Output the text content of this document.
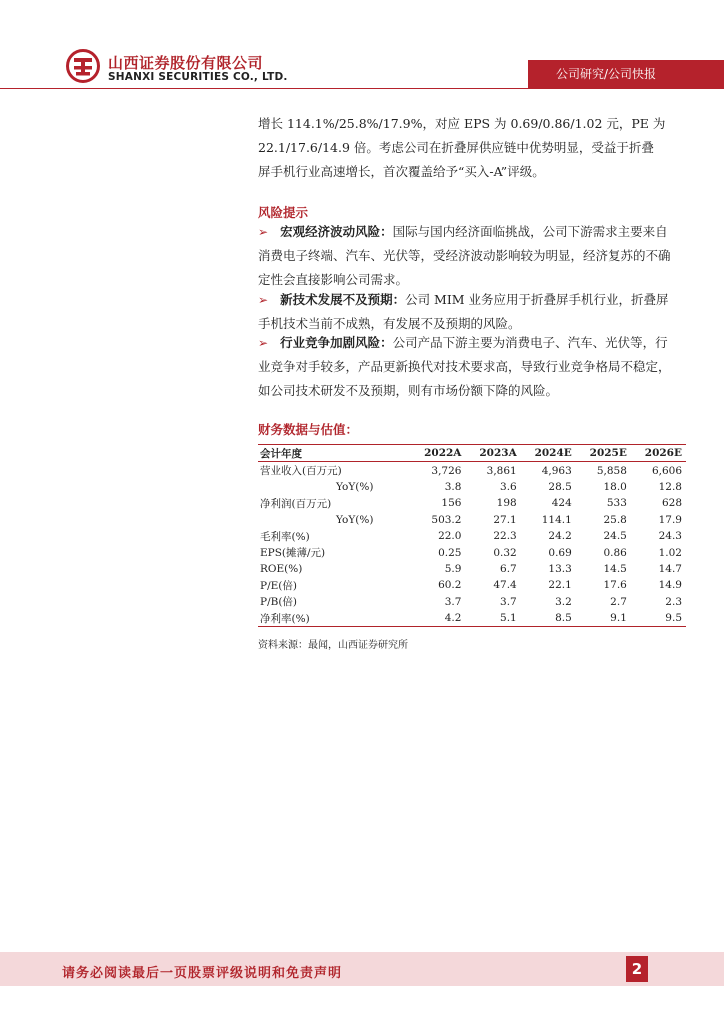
山西证券股份有限公司
SHANXI SECURITIES CO., LTD.	公司研究/公司快报
增长 114.1%/25.8%/17.9%，对应 EPS 为 0.69/0.86/1.02 元，PE 为
22.1/17.6/14.9 倍。考虑公司在折叠屏供应链中优势明显，受益于折叠
屏手机行业高速增长，首次覆盖给予“买入-A”评级。
风险提示
➢ 宏观经济波动风险：国际与国内经济面临挑战，公司下游需求主要来自
消费电子终端、汽车、光伏等，受经济波动影响较为明显，经济复苏的不确
定性会直接影响公司需求。
➢ 新技术发展不及预期：公司 MIM 业务应用于折叠屏手机行业，折叠屏
手机技术当前不成熟，有发展不及预期的风险。
➢ 行业竞争加剧风险：公司产品下游主要为消费电子、汽车、光伏等，行
业竞争对手较多，产品更新换代对技术要求高，导致行业竞争格局不稳定，
如公司技术研发不及预期，则有市场份额下降的风险。
财务数据与估值：
会计年度	2022A	2023A	2024E	2025E	2026E
营业收入(百万元)	3,726	3,861	4,963	5,858	6,606
YoY(%)	3.8	3.6	28.5	18.0	12.8
净利润(百万元)	156	198	424	533	628
YoY(%)	503.2	27.1	114.1	25.8	17.9
毛利率(%)	22.0	22.3	24.2	24.5	24.3
EPS(摊薄/元)	0.25	0.32	0.69	0.86	1.02
ROE(%)	5.9	6.7	13.3	14.5	14.7
P/E(倍)	60.2	47.4	22.1	17.6	14.9
P/B(倍)	3.7	3.7	3.2	2.7	2.3
净利率(%)	4.2	5.1	8.5	9.1	9.5
资料来源：最闻，山西证券研究所
请务必阅读最后一页股票评级说明和免责声明	2
